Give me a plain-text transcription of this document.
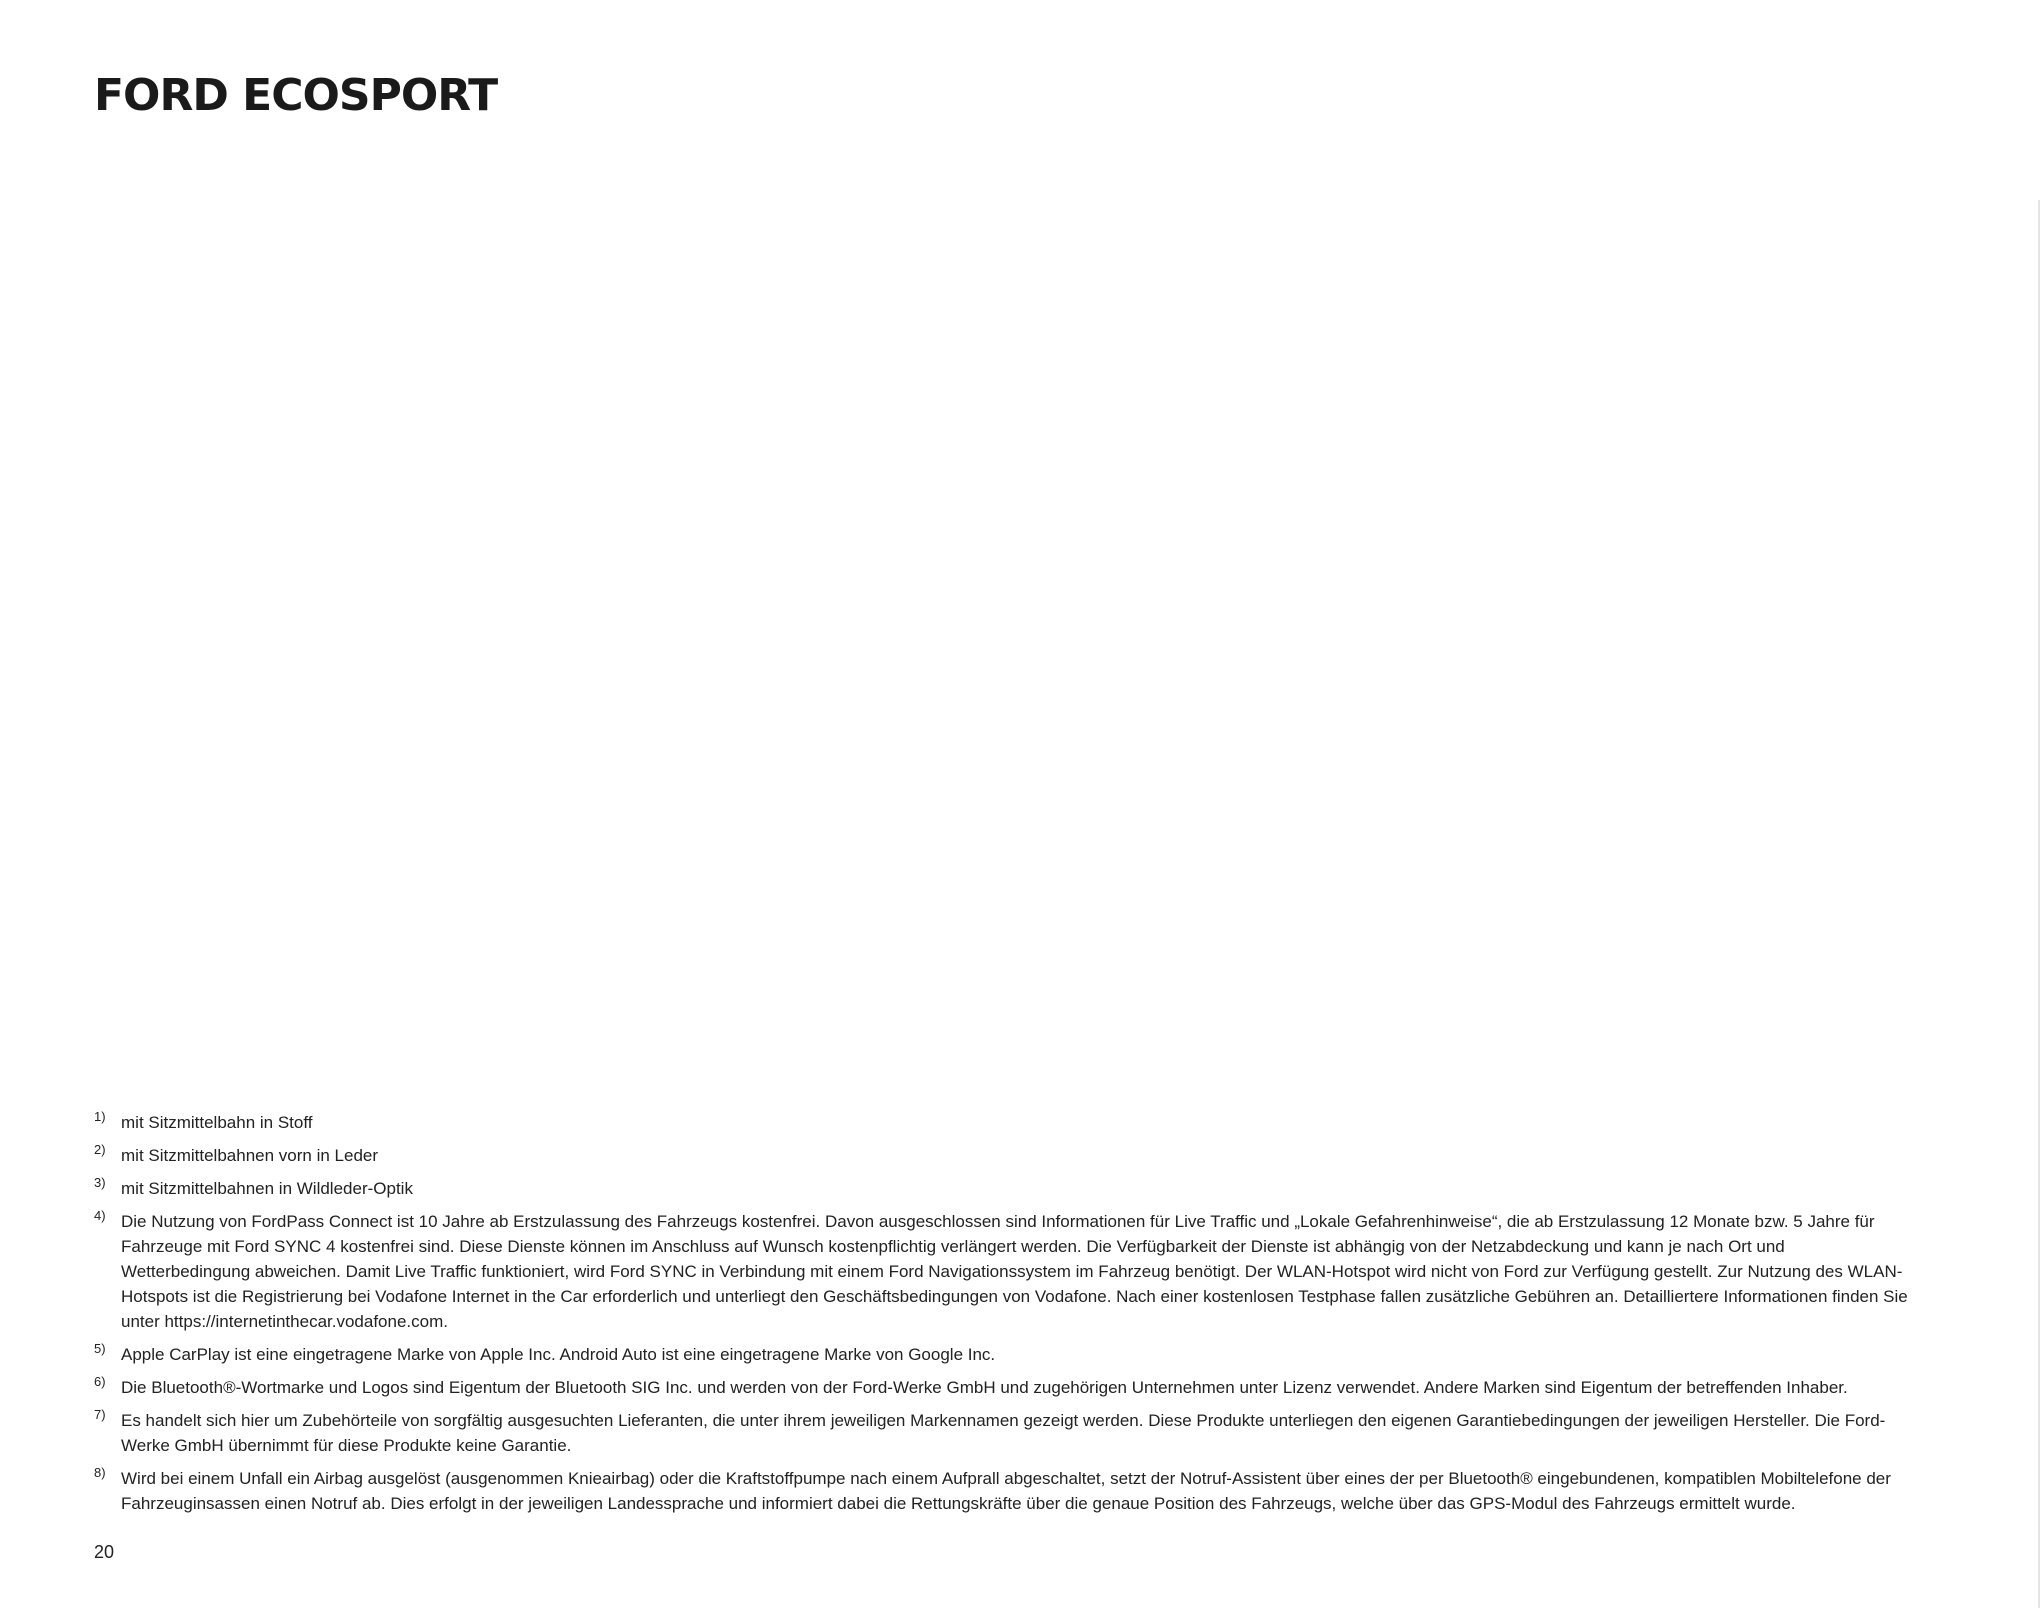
FORD ECOSPORT
1) mit Sitzmittelbahn in Stoff
2) mit Sitzmittelbahnen vorn in Leder
3) mit Sitzmittelbahnen in Wildleder-Optik
4) Die Nutzung von FordPass Connect ist 10 Jahre ab Erstzulassung des Fahrzeugs kostenfrei. Davon ausgeschlossen sind Informationen für Live Traffic und „Lokale Gefahrenhinweise“, die ab Erstzulassung 12 Monate bzw. 5 Jahre für Fahrzeuge mit Ford SYNC 4 kostenfrei sind. Diese Dienste können im Anschluss auf Wunsch kostenpflichtig verlängert werden. Die Verfügbarkeit der Dienste ist abhängig von der Netzabdeckung und kann je nach Ort und Wetterbedingung abweichen. Damit Live Traffic funktioniert, wird Ford SYNC in Verbindung mit einem Ford Navigationssystem im Fahrzeug benötigt. Der WLAN-Hotspot wird nicht von Ford zur Verfügung gestellt. Zur Nutzung des WLAN-Hotspots ist die Registrierung bei Vodafone Internet in the Car erforderlich und unterliegt den Geschäftsbedingungen von Vodafone. Nach einer kostenlosen Testphase fallen zusätzliche Gebühren an. Detailliertere Informationen finden Sie unter https://internetinthecar.vodafone.com.
5) Apple CarPlay ist eine eingetragene Marke von Apple Inc. Android Auto ist eine eingetragene Marke von Google Inc.
6) Die Bluetooth®-Wortmarke und Logos sind Eigentum der Bluetooth SIG Inc. und werden von der Ford-Werke GmbH und zugehörigen Unternehmen unter Lizenz verwendet. Andere Marken sind Eigentum der betreffenden Inhaber.
7) Es handelt sich hier um Zubehörteile von sorgfältig ausgesuchten Lieferanten, die unter ihrem jeweiligen Markennamen gezeigt werden. Diese Produkte unterliegen den eigenen Garantiebedingungen der jeweiligen Hersteller. Die Ford-Werke GmbH übernimmt für diese Produkte keine Garantie.
8) Wird bei einem Unfall ein Airbag ausgelöst (ausgenommen Knieairbag) oder die Kraftstoffpumpe nach einem Aufprall abgeschaltet, setzt der Notruf-Assistent über eines der per Bluetooth® eingebundenen, kompatiblen Mobiltelefone der Fahrzeuginsassen einen Notruf ab. Dies erfolgt in der jeweiligen Landessprache und informiert dabei die Rettungskräfte über die genaue Position des Fahrzeugs, welche über das GPS-Modul des Fahrzeugs ermittelt wurde.
20
